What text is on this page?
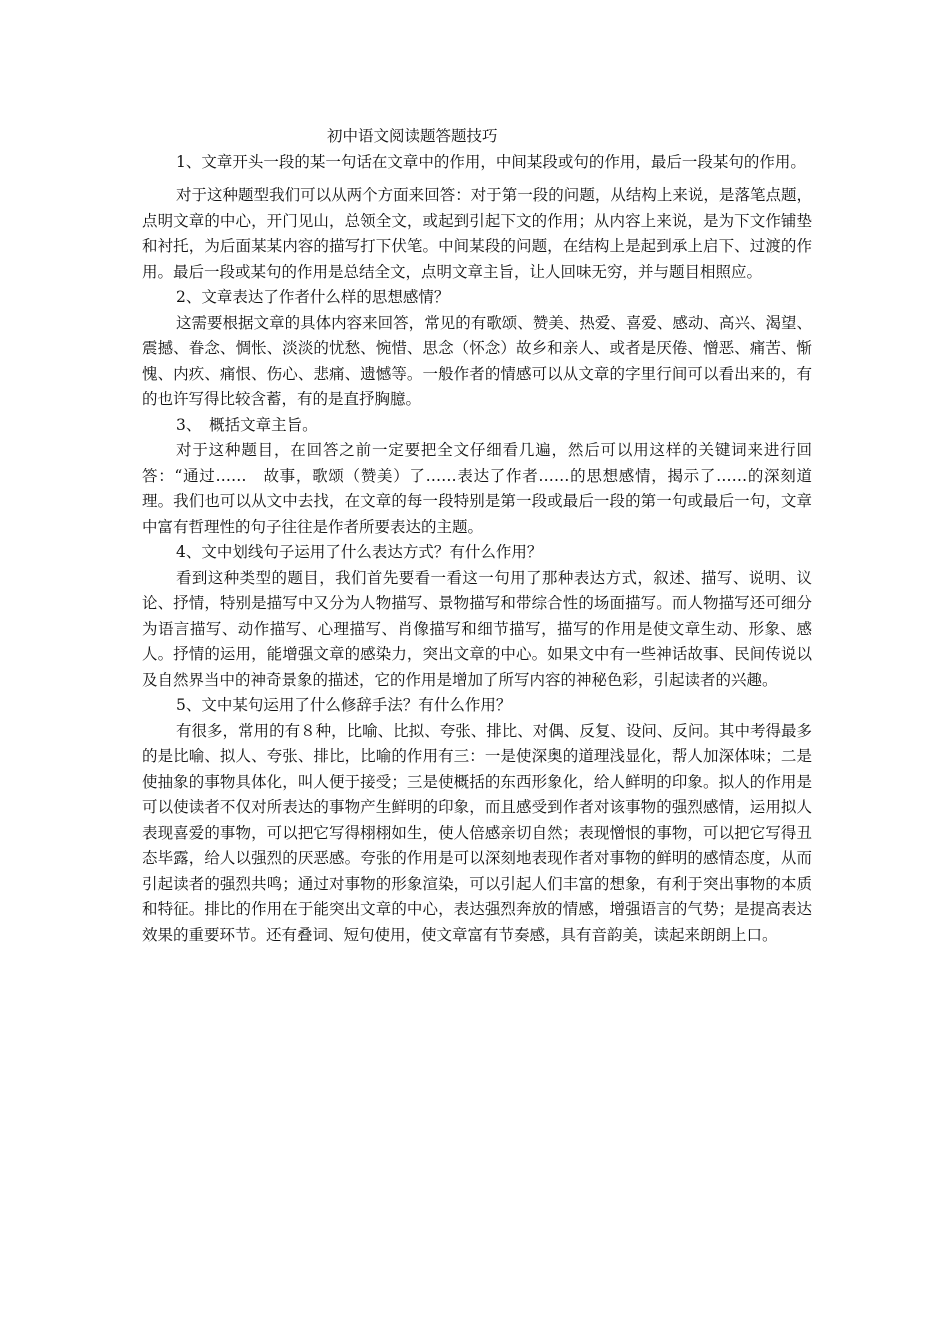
初中语文阅读题答题技巧

1、文章开头一段的某一句话在文章中的作用，中间某段或句的作用，最后一段某句的作用。

对于这种题型我们可以从两个方面来回答：对于第一段的问题，从结构上来说，是落笔点题，点明文章的中心，开门见山，总领全文，或起到引起下文的作用；从内容上来说，是为下文作铺垫和衬托，为后面某某内容的描写打下伏笔。中间某段的问题，在结构上是起到承上启下、过渡的作用。最后一段或某句的作用是总结全文，点明文章主旨，让人回味无穷，并与题目相照应。

2、文章表达了作者什么样的思想感情？

这需要根据文章的具体内容来回答，常见的有歌颂、赞美、热爱、喜爱、感动、高兴、渴望、震撼、眷念、惆怅、淡淡的忧愁、惋惜、思念（怀念）故乡和亲人、或者是厌倦、憎恶、痛苦、惭愧、内疚、痛恨、伤心、悲痛、遗憾等。一般作者的情感可以从文章的字里行间可以看出来的，有的也许写得比较含蓄，有的是直抒胸臆。

3、　概括文章主旨。

对于这种题目，在回答之前一定要把全文仔细看几遍，然后可以用这样的关键词来进行回答：“通过……　故事，歌颂（赞美）了……表达了作者……的思想感情，揭示了……的深刻道理。我们也可以从文中去找，在文章的每一段特别是第一段或最后一段的第一句或最后一句，文章中富有哲理性的句子往往是作者所要表达的主题。

4、文中划线句子运用了什么表达方式？有什么作用？

看到这种类型的题目，我们首先要看一看这一句用了那种表达方式，叙述、描写、说明、议论、抒情，特别是描写中又分为人物描写、景物描写和带综合性的场面描写。而人物描写还可细分为语言描写、动作描写、心理描写、肖像描写和细节描写，描写的作用是使文章生动、形象、感人。抒情的运用，能增强文章的感染力，突出文章的中心。如果文中有一些神话故事、民间传说以及自然界当中的神奇景象的描述，它的作用是增加了所写内容的神秘色彩，引起读者的兴趣。

5、文中某句运用了什么修辞手法？有什么作用？

有很多，常用的有８种，比喻、比拟、夸张、排比、对偶、反复、设问、反问。其中考得最多的是比喻、拟人、夸张、排比，比喻的作用有三：一是使深奥的道理浅显化，帮人加深体味；二是使抽象的事物具体化，叫人便于接受；三是使概括的东西形象化，给人鲜明的印象。拟人的作用是可以使读者不仅对所表达的事物产生鲜明的印象，而且感受到作者对该事物的强烈感情，运用拟人表现喜爱的事物，可以把它写得栩栩如生，使人倍感亲切自然；表现憎恨的事物，可以把它写得丑态毕露，给人以强烈的厌恶感。夸张的作用是可以深刻地表现作者对事物的鲜明的感情态度，从而引起读者的强烈共鸣；通过对事物的形象渲染，可以引起人们丰富的想象，有利于突出事物的本质和特征。排比的作用在于能突出文章的中心，表达强烈奔放的情感，增强语言的气势；是提高表达效果的重要环节。还有叠词、短句使用，使文章富有节奏感，具有音韵美，读起来朗朗上口。
